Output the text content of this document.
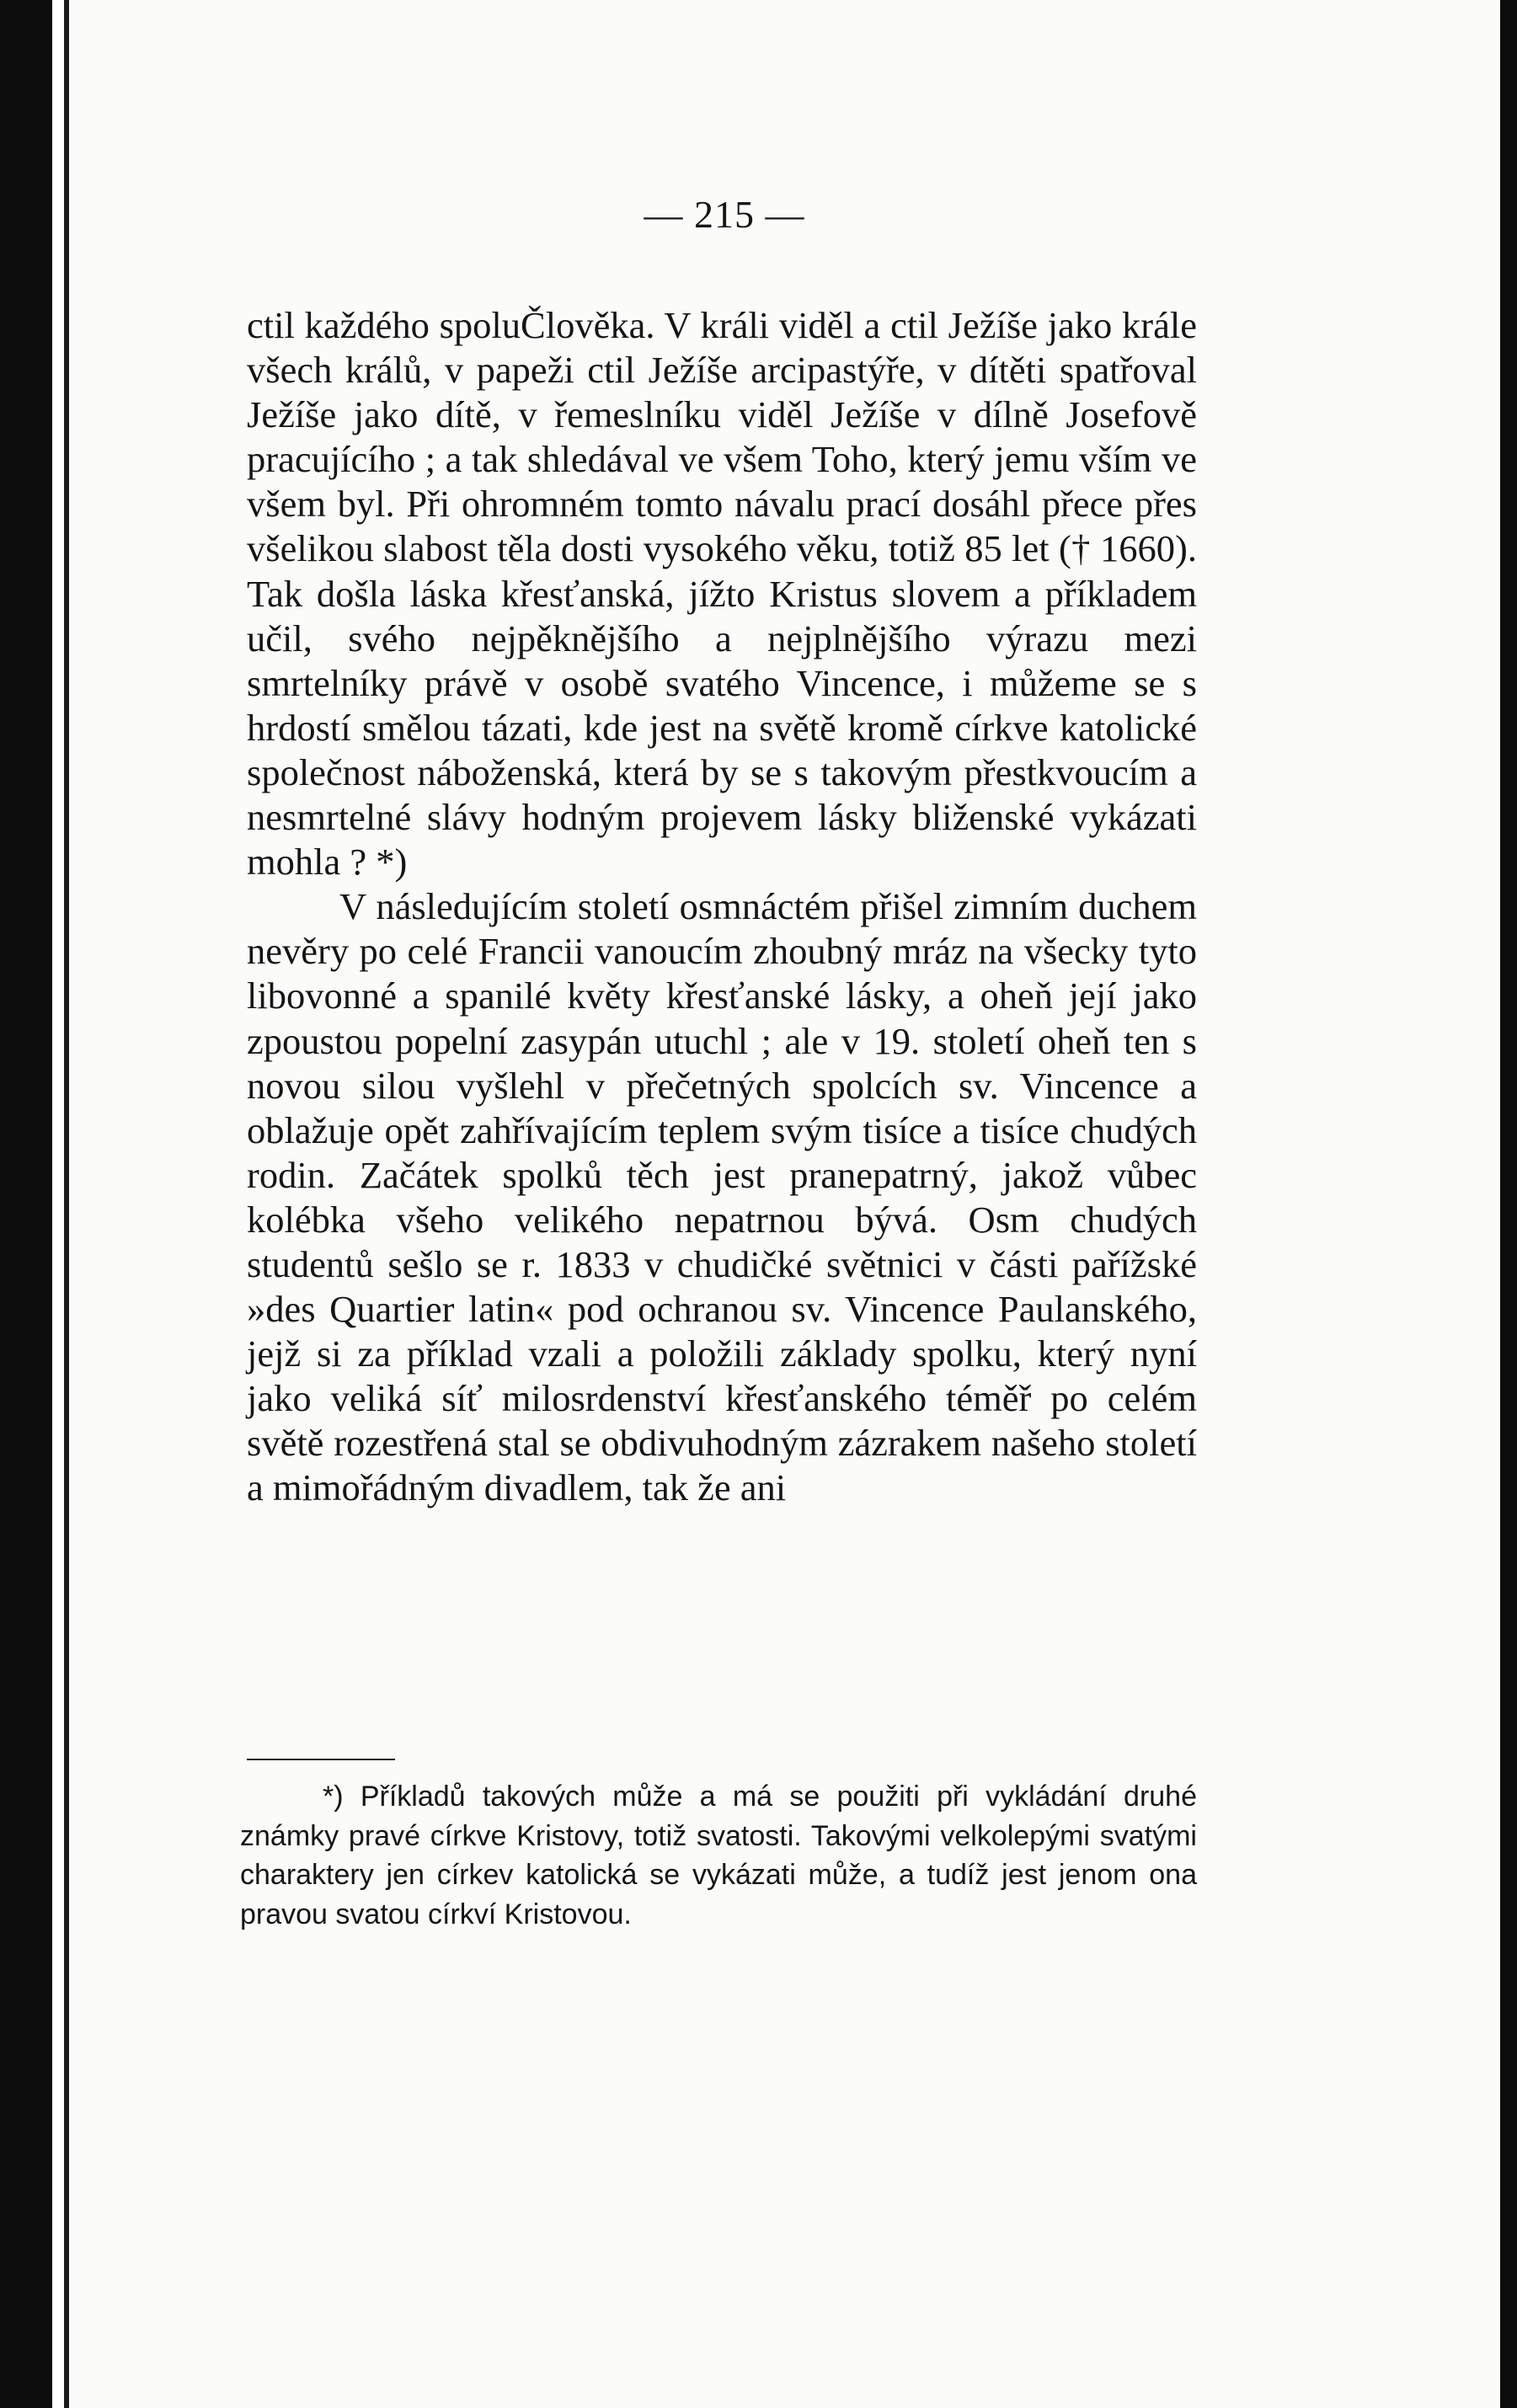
— 215 —

ctil každého spoluČlověka. V králi viděl a ctil Ježíše jako krále všech králů, v papeži ctil Ježíše arcipastýře, v dítěti spatřoval Ježíše jako dítě, v řemeslníku viděl Ježíše v dílně Josefově pracujícího ; a tak shledával ve všem Toho, který jemu vším ve všem byl. Při ohromném tomto návalu prací dosáhl přece přes všelikou slabost těla dosti vysokého věku, totiž 85 let († 1660). Tak došla láska křesťanská, jížto Kristus slovem a příkladem učil, svého nejpěknějšího a nejplnějšího výrazu mezi smrtelníky právě v osobě svatého Vincence, i můžeme se s hrdostí smělou tázati, kde jest na světě kromě církve katolické společnost náboženská, která by se s takovým přestkvoucím a nesmrtelné slávy hodným projevem lásky bliženské vykázati mohla ? *)

V následujícím století osmnáctém přišel zimním duchem nevěry po celé Francii vanoucím zhoubný mráz na všecky tyto libovonné a spanilé květy křesťanské lásky, a oheň její jako zpoustou popelní zasypán utuchl ; ale v 19. století oheň ten s novou silou vyšlehl v přečetných spolcích sv. Vincence a oblažuje opět zahřívajícím teplem svým tisíce a tisíce chudých rodin. Začátek spolků těch jest pranepatrný, jakož vůbec kolébka všeho velikého nepatrnou bývá. Osm chudých studentů sešlo se r. 1833 v chudičké světnici v části pařížské »des Quartier latin« pod ochranou sv. Vincence Paulanského, jejž si za příklad vzali a položili základy spolku, který nyní jako veliká síť milosrdenství křesťanského téměř po celém světě rozestřená stal se obdivuhodným zázrakem našeho století a mimořádným divadlem, tak že ani

*) Příkladů takových může a má se použiti při vykládání druhé známky pravé církve Kristovy, totiž svatosti. Takovými velkolepými svatými charaktery jen církev katolická se vykázati může, a tudíž jest jenom ona pravou svatou církví Kristovou.
